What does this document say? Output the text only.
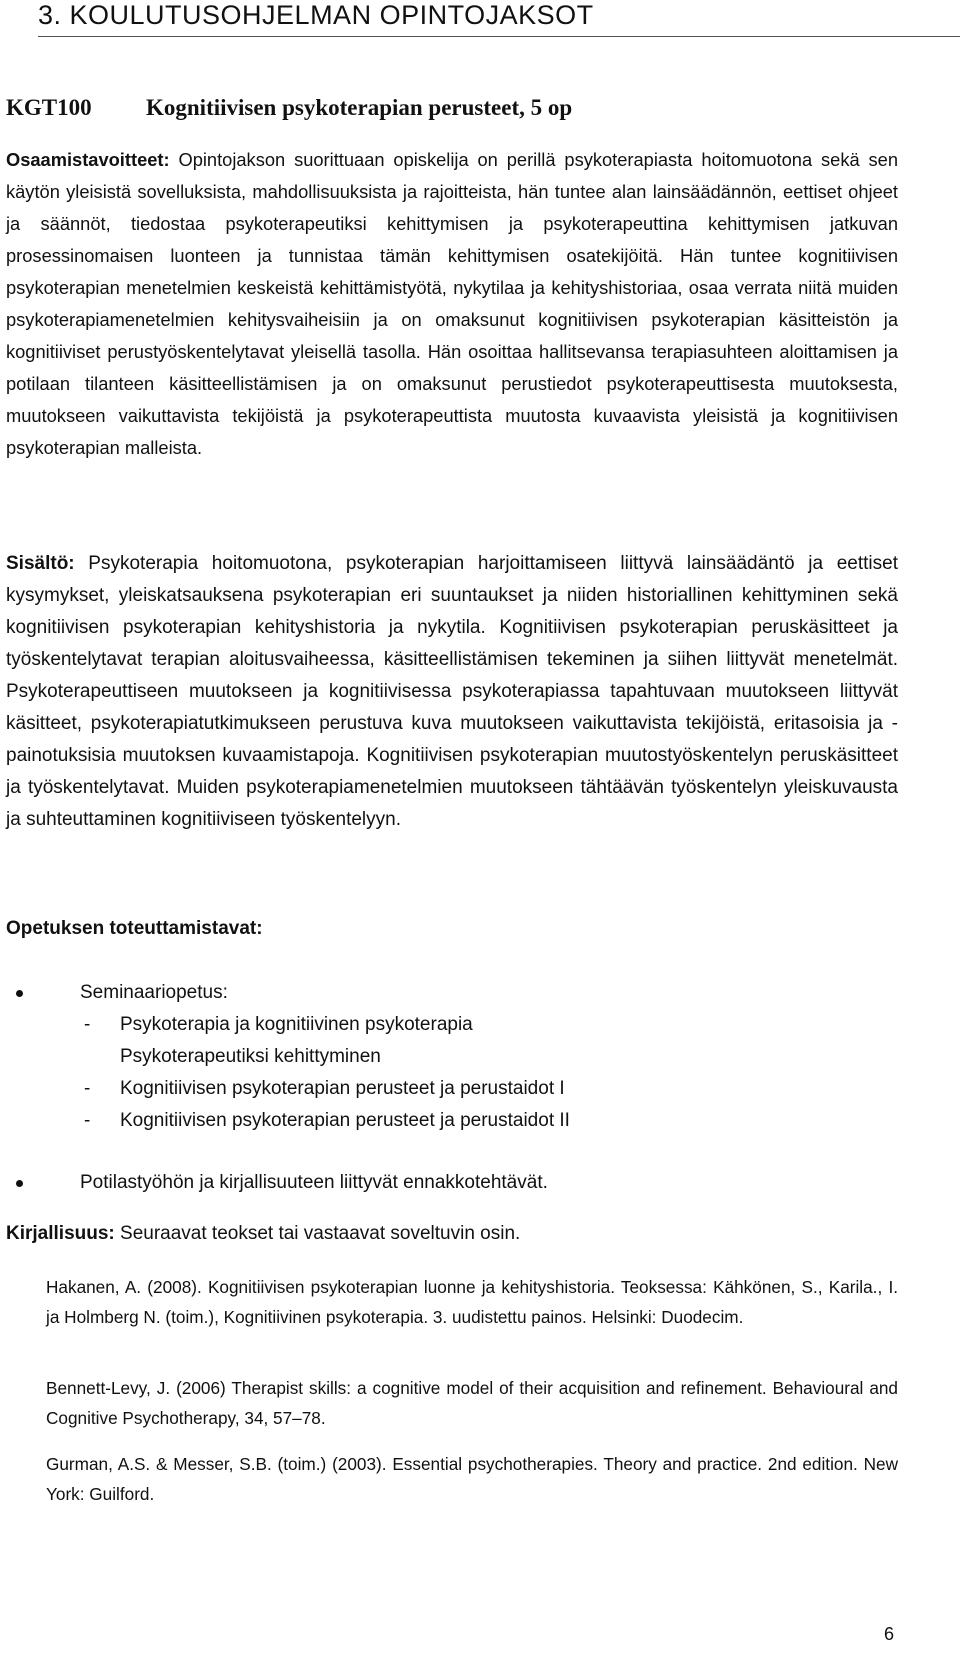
3. KOULUTUSOHJELMAN OPINTOJAKSOT
KGT100 Kognitiivisen psykoterapian perusteet, 5 op

Osaamistavoitteet: Opintojakson suorittuaan opiskelija on perillä psykoterapiasta hoitomuotona sekä sen käytön yleisistä sovelluksista, mahdollisuuksista ja rajoitteista, hän tuntee alan lainsäädännön, eettiset ohjeet ja säännöt, tiedostaa psykoterapeutiksi kehittymisen ja psykoterapeuttina kehittymisen jatkuvan prosessinomaisen luonteen ja tunnistaa tämän kehittymisen osatekijöitä. Hän tuntee kognitiivisen psykoterapian menetelmien keskeistä kehittämistyötä, nykytilaa ja kehityshistoriaa, osaa verrata niitä muiden psykoterapiamenetelmien kehitysvaiheisiin ja on omaksunut kognitiivisen psykoterapian käsitteistön ja kognitiiviset perustyöskentelytavat yleisellä tasolla. Hän osoittaa hallitsevansa terapiasuhteen aloittamisen ja potilaan tilanteen käsitteellistämisen ja on omaksunut perustiedot psykoterapeuttisesta muutoksesta, muutokseen vaikuttavista tekijöistä ja psykoterapeuttista muutosta kuvaavista yleisistä ja kognitiivisen psykoterapian malleista.

Sisältö: Psykoterapia hoitomuotona, psykoterapian harjoittamiseen liittyvä lainsäädäntö ja eettiset kysymykset, yleiskatsauksena psykoterapian eri suuntaukset ja niiden historiallinen kehittyminen sekä kognitiivisen psykoterapian kehityshistoria ja nykytila. Kognitiivisen psykoterapian peruskäsitteet ja työskentelytavat terapian aloitusvaiheessa, käsitteellistämisen tekeminen ja siihen liittyvät menetelmät. Psykoterapeuttiseen muutokseen ja kognitiivisessa psykoterapiassa tapahtuvaan muutokseen liittyvät käsitteet, psykoterapiatutkimukseen perustuva kuva muutokseen vaikuttavista tekijöistä, eritasoisia ja -painotuksisia muutoksen kuvaamistapoja. Kognitiivisen psykoterapian muutostyöskentelyn peruskäsitteet ja työskentelytavat. Muiden psykoterapiamenetelmien muutokseen tähtäävän työskentelyn yleiskuvausta ja suhteuttaminen kognitiiviseen työskentelyyn.

Opetuksen toteuttamistavat:
Seminaariopetus:
- Psykoterapia ja kognitiivinen psykoterapia
Psykoterapeutiksi kehittyminen
- Kognitiivisen psykoterapian perusteet ja perustaidot I
- Kognitiivisen psykoterapian perusteet ja perustaidot II
Potilastyöhön ja kirjallisuuteen liittyvät ennakkotehtävät.

Kirjallisuus: Seuraavat teokset tai vastaavat soveltuvin osin.

Hakanen, A. (2008). Kognitiivisen psykoterapian luonne ja kehityshistoria. Teoksessa: Kähkönen, S., Karila., I. ja Holmberg N. (toim.), Kognitiivinen psykoterapia. 3. uudistettu painos. Helsinki: Duodecim.

Bennett-Levy, J. (2006) Therapist skills: a cognitive model of their acquisition and refinement. Behavioural and Cognitive Psychotherapy, 34, 57–78.

Gurman, A.S. & Messer, S.B. (toim.) (2003). Essential psychotherapies. Theory and practice. 2nd edition. New York: Guilford.

6
